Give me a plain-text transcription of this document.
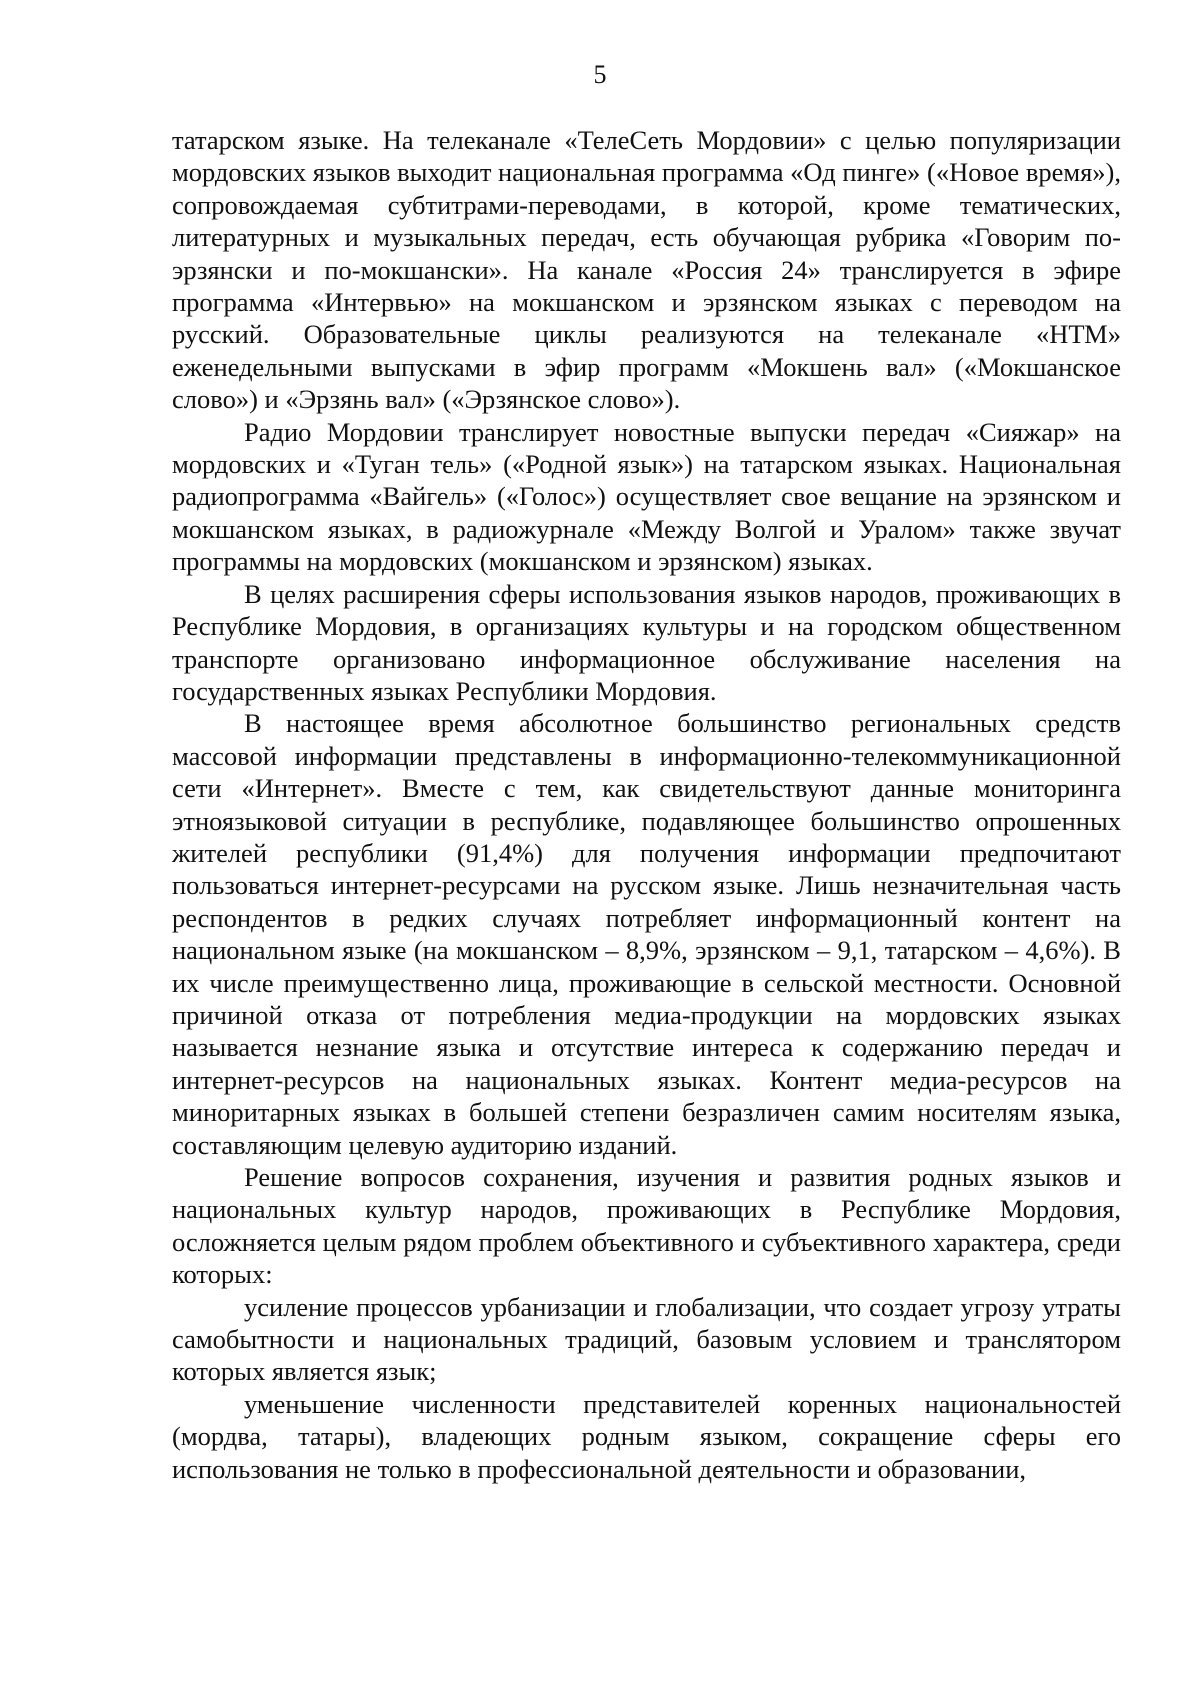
5

татарском языке. На телеканале «ТелеСеть Мордовии» с целью популяризации мордовских языков выходит национальная программа «Од пинге» («Новое время»), сопровождаемая субтитрами-переводами, в которой, кроме тематических, литературных и музыкальных передач, есть обучающая рубрика «Говорим по-эрзянски и по-мокшански». На канале «Россия 24» транслируется в эфире программа «Интервью» на мокшанском и эрзянском языках с переводом на русский. Образовательные циклы реализуются на телеканале «НТМ» еженедельными выпусками в эфир программ «Мокшень вал» («Мокшанское слово») и «Эрзянь вал» («Эрзянское слово»).

Радио Мордовии транслирует новостные выпуски передач «Сияжар» на мордовских и «Туган тель» («Родной язык») на татарском языках. Национальная радиопрограмма «Вайгель» («Голос») осуществляет свое вещание на эрзянском и мокшанском языках, в радиожурнале «Между Волгой и Уралом» также звучат программы на мордовских (мокшанском и эрзянском) языках.

В целях расширения сферы использования языков народов, проживающих в Республике Мордовия, в организациях культуры и на городском общественном транспорте организовано информационное обслуживание населения на государственных языках Республики Мордовия.

В настоящее время абсолютное большинство региональных средств массовой информации представлены в информационно-телекоммуникационной сети «Интернет». Вместе с тем, как свидетельствуют данные мониторинга этноязыковой ситуации в республике, подавляющее большинство опрошенных жителей республики (91,4%) для получения информации предпочитают пользоваться интернет-ресурсами на русском языке. Лишь незначительная часть респондентов в редких случаях потребляет информационный контент на национальном языке (на мокшанском – 8,9%, эрзянском – 9,1, татарском – 4,6%). В их числе преимущественно лица, проживающие в сельской местности. Основной причиной отказа от потребления медиа-продукции на мордовских языках называется незнание языка и отсутствие интереса к содержанию передач и интернет-ресурсов на национальных языках. Контент медиа-ресурсов на миноритарных языках в большей степени безразличен самим носителям языка, составляющим целевую аудиторию изданий.

Решение вопросов сохранения, изучения и развития родных языков и национальных культур народов, проживающих в Республике Мордовия, осложняется целым рядом проблем объективного и субъективного характера, среди которых:

усиление процессов урбанизации и глобализации, что создает угрозу утраты самобытности и национальных традиций, базовым условием и транслятором которых является язык;

уменьшение численности представителей коренных национальностей (мордва, татары), владеющих родным языком, сокращение сферы его использования не только в профессиональной деятельности и образовании,
